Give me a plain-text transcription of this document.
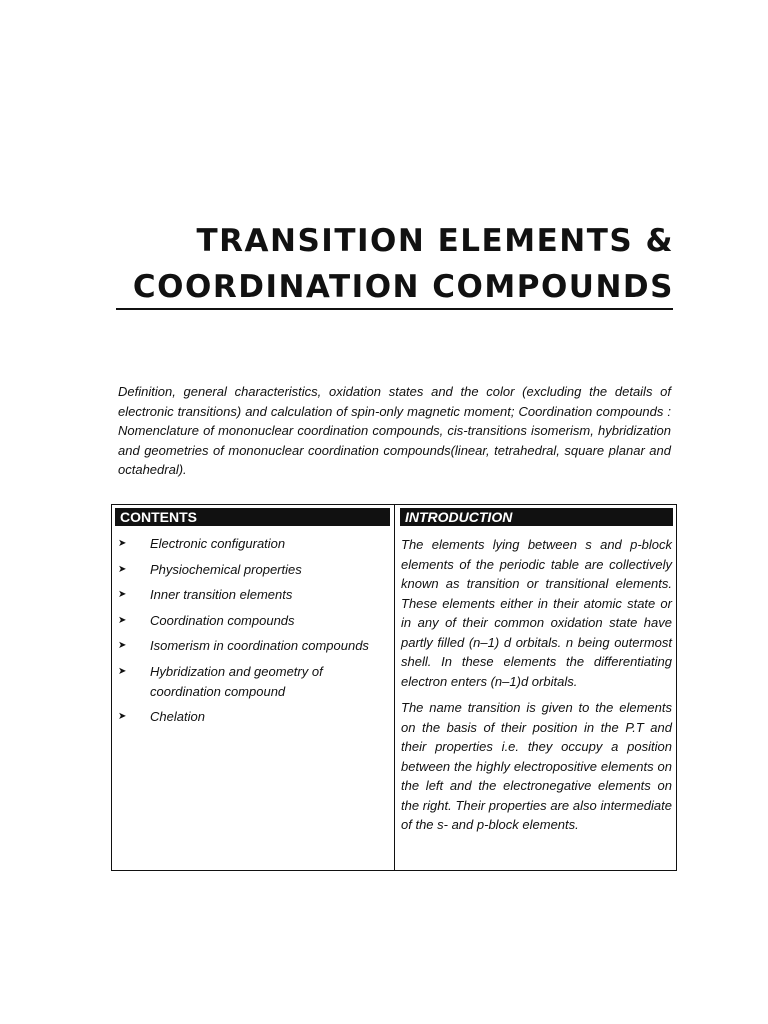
TRANSITION ELEMENTS &
COORDINATION COMPOUNDS

Definition, general characteristics, oxidation states and the color (excluding the details of electronic transitions) and calculation of spin-only magnetic moment; Coordination compounds : Nomenclature of mononuclear coordination compounds, cis-transitions isomerism, hybridization and geometries of mononuclear coordination compounds(linear, tetrahedral, square planar and octahedral).

CONTENTS	INTRODUCTION
➤ Electronic configuration
➤ Physiochemical properties
➤ Inner transition elements
➤ Coordination compounds
➤ Isomerism in coordination compounds
➤ Hybridization and geometry of coordination compound
➤ Chelation

The elements lying between s and p-block elements of the periodic table are collectively known as transition or transitional elements. These elements either in their atomic state or in any of their common oxidation state have partly filled (n–1) d orbitals. n being outermost shell. In these elements the differentiating electron enters (n–1)d orbitals.

The name transition is given to the elements on the basis of their position in the P.T and their properties i.e. they occupy a position between the highly electropositive elements on the left and the electronegative elements on the right. Their properties are also intermediate of the s- and p-block elements.
